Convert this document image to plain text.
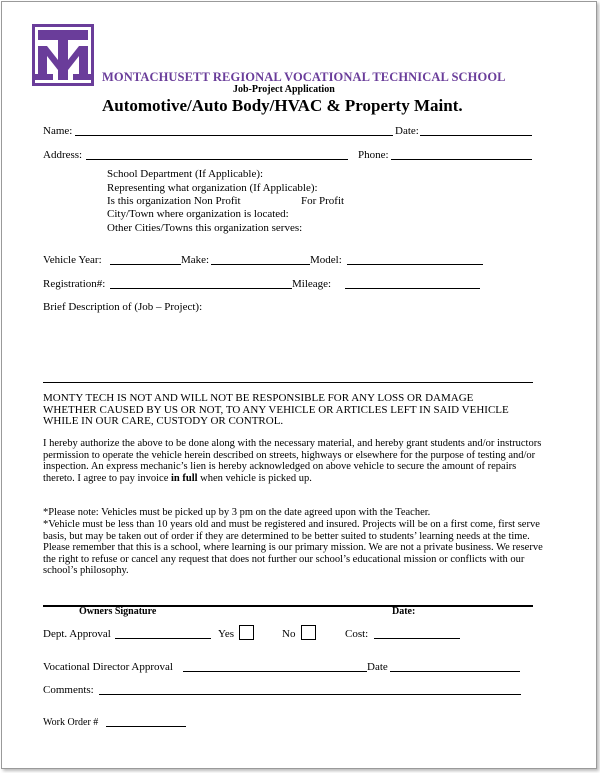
MONTACHUSETT REGIONAL VOCATIONAL TECHNICAL SCHOOL
Job-Project Application
Automotive/Auto Body/HVAC & Property Maint.
Name:	Date:
Address:	Phone:
School Department (If Applicable):
Representing what organization (If Applicable):
Is this organization Non Profit	For Profit
City/Town where organization is located:
Other Cities/Towns this organization serves:
Vehicle Year:	Make:	Model:
Registration#:	Mileage:
Brief Description of (Job – Project):
MONTY TECH IS NOT AND WILL NOT BE RESPONSIBLE FOR ANY LOSS OR DAMAGE WHETHER CAUSED BY US OR NOT, TO ANY VEHICLE OR ARTICLES LEFT IN SAID VEHICLE WHILE IN OUR CARE, CUSTODY OR CONTROL.
I hereby authorize the above to be done along with the necessary material, and hereby grant students and/or instructors permission to operate the vehicle herein described on streets, highways or elsewhere for the purpose of testing and/or inspection. An express mechanic’s lien is hereby acknowledged on above vehicle to secure the amount of repairs thereto. I agree to pay invoice in full when vehicle is picked up.
*Please note: Vehicles must be picked up by 3 pm on the date agreed upon with the Teacher.
*Vehicle must be less than 10 years old and must be registered and insured. Projects will be on a first come, first serve basis, but may be taken out of order if they are determined to be better suited to students’ learning needs at the time. Please remember that this is a school, where learning is our primary mission. We are not a private business. We reserve the right to refuse or cancel any request that does not further our school’s educational mission or conflicts with our school’s philosophy.
Owners Signature	Date:
Dept. Approval	Yes	No	Cost:
Vocational Director Approval	Date
Comments:
Work Order #
